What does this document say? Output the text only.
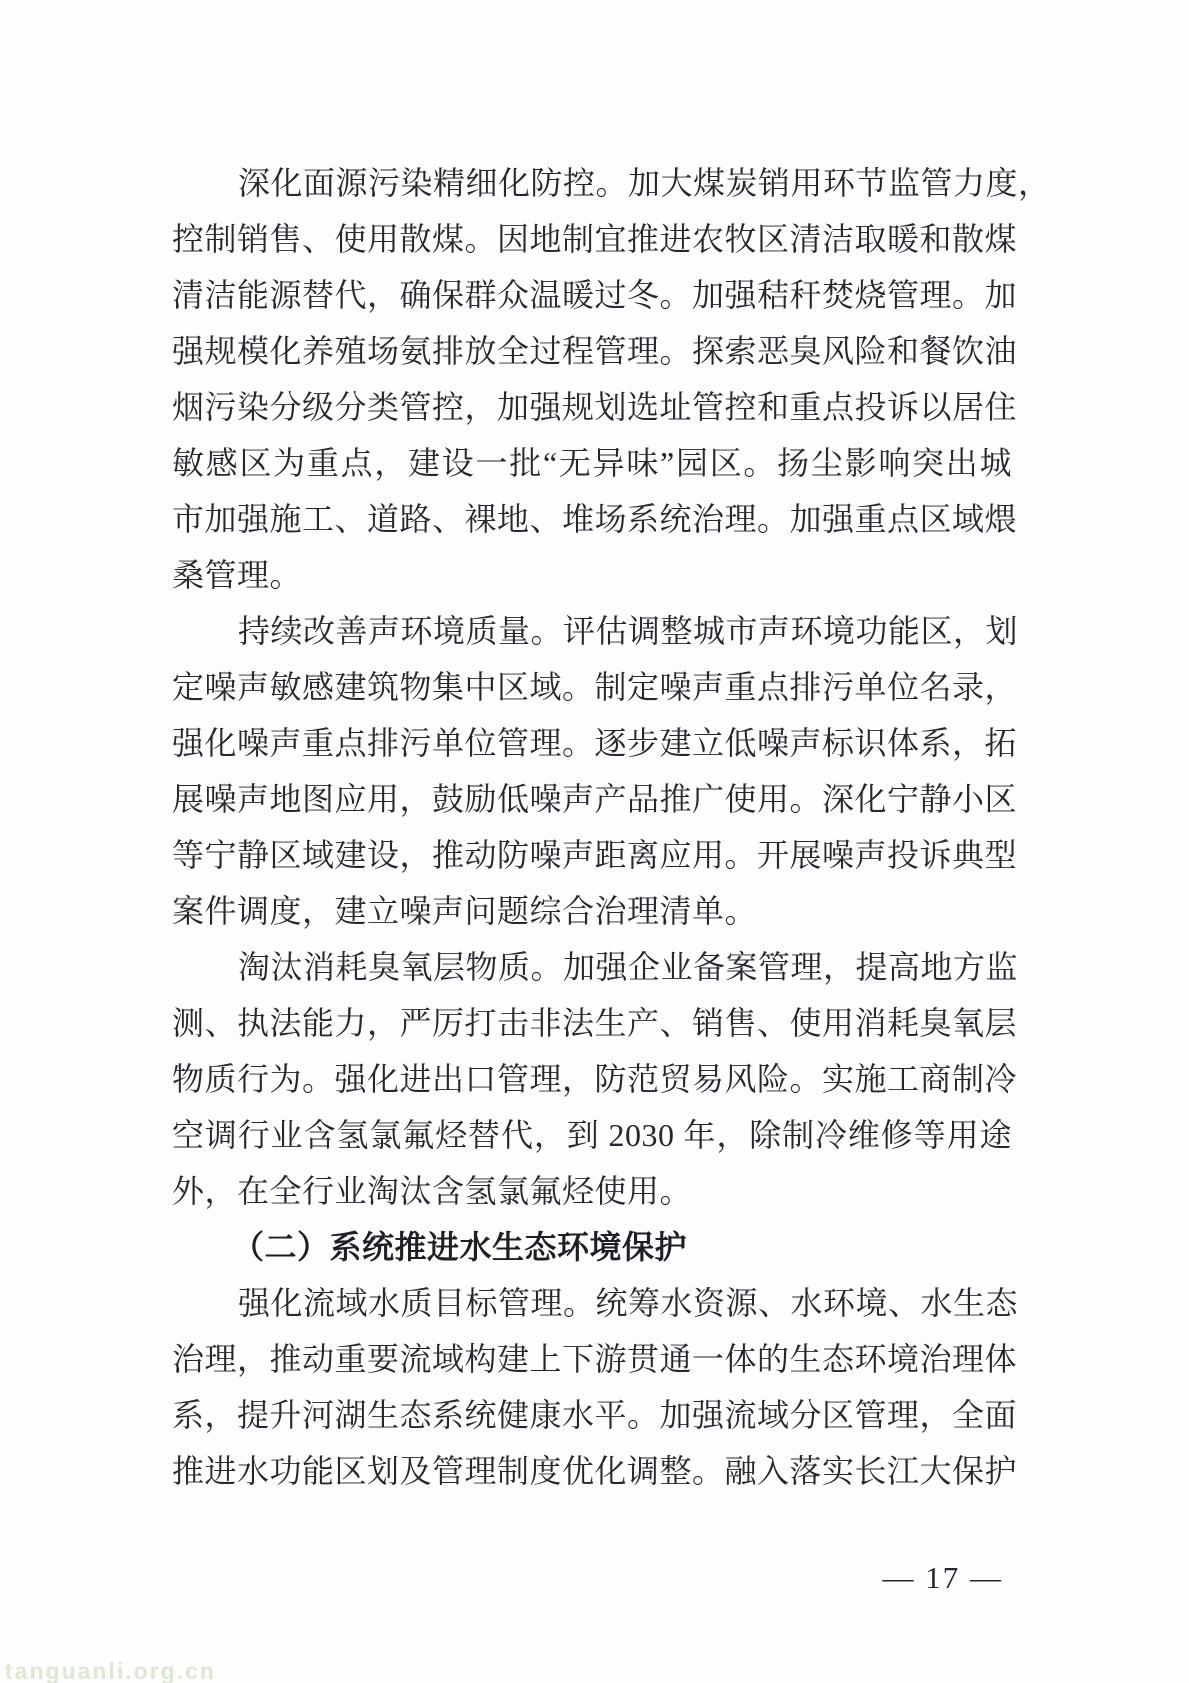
深化面源污染精细化防控。加大煤炭销用环节监管力度，
控制销售、使用散煤。因地制宜推进农牧区清洁取暖和散煤
清洁能源替代，确保群众温暖过冬。加强秸秆焚烧管理。加
强规模化养殖场氨排放全过程管理。探索恶臭风险和餐饮油
烟污染分级分类管控，加强规划选址管控和重点投诉以居住
敏感区为重点，建设一批“无异味”园区。扬尘影响突出城
市加强施工、道路、裸地、堆场系统治理。加强重点区域煨
桑管理。
持续改善声环境质量。评估调整城市声环境功能区，划
定噪声敏感建筑物集中区域。制定噪声重点排污单位名录，
强化噪声重点排污单位管理。逐步建立低噪声标识体系，拓
展噪声地图应用，鼓励低噪声产品推广使用。深化宁静小区
等宁静区域建设，推动防噪声距离应用。开展噪声投诉典型
案件调度，建立噪声问题综合治理清单。
淘汰消耗臭氧层物质。加强企业备案管理，提高地方监
测、执法能力，严厉打击非法生产、销售、使用消耗臭氧层
物质行为。强化进出口管理，防范贸易风险。实施工商制冷
空调行业含氢氯氟烃替代，到 2030 年，除制冷维修等用途
外，在全行业淘汰含氢氯氟烃使用。
（二）系统推进水生态环境保护
强化流域水质目标管理。统筹水资源、水环境、水生态
治理，推动重要流域构建上下游贯通一体的生态环境治理体
系，提升河湖生态系统健康水平。加强流域分区管理，全面
推进水功能区划及管理制度优化调整。融入落实长江大保护
— 17 —
tanguanli.org.cn
